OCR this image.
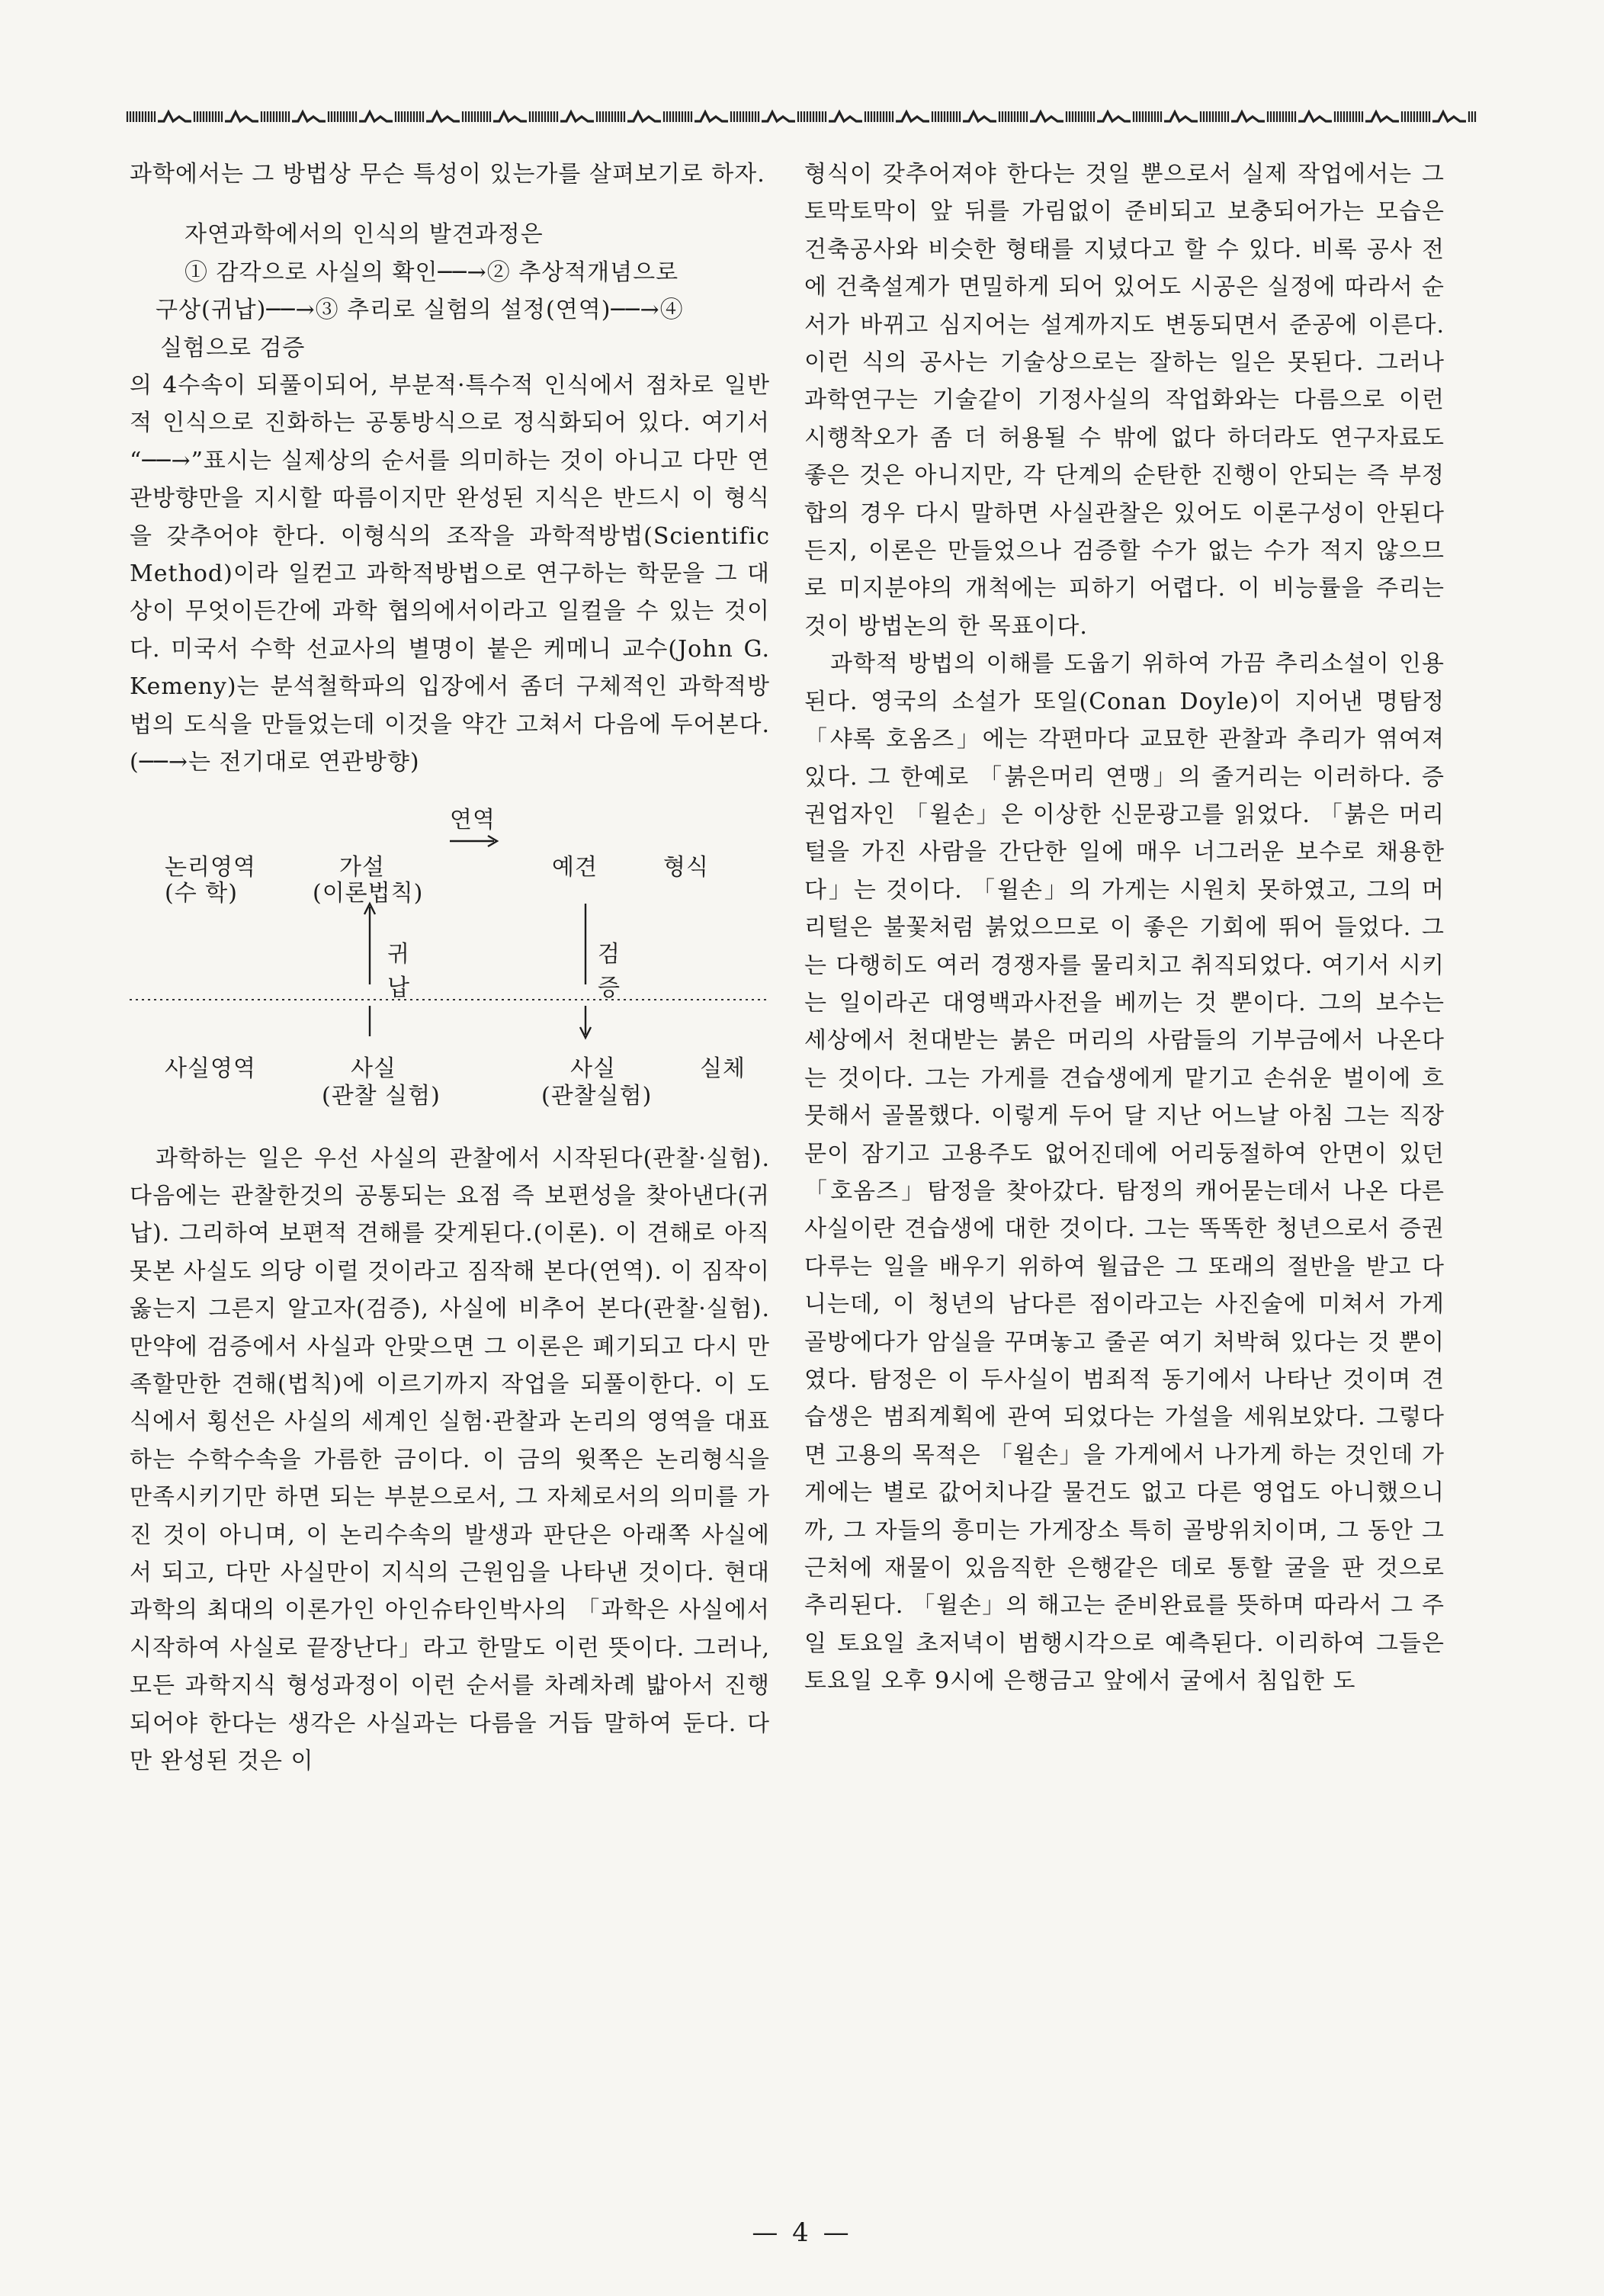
과학에서는 그 방법상 무슨 특성이 있는가를 살펴보기로 하자.

자연과학에서의 인식의 발견과정은
① 감각으로 사실의 확인──→② 추상적개념으로
구상(귀납)──→③ 추리로 실험의 설정(연역)──→④
실험으로 검증

의 4수속이 되풀이되어, 부분적·특수적 인식에서 점차로 일반적 인식으로 진화하는 공통방식으로 정식화되어 있다. 여기서 “──→”표시는 실제상의 순서를 의미하는 것이 아니고 다만 연관방향만을 지시할 따름이지만 완성된 지식은 반드시 이 형식을 갖추어야 한다. 이형식의 조작을 과학적방법(Scientific Method)이라 일컫고 과학적방법으로 연구하는 학문을 그 대상이 무엇이든간에 과학 협의에서이라고 일컬을 수 있는 것이다. 미국서 수학 선교사의 별명이 붙은 케메니 교수(John G. Kemeny)는 분석철학파의 입장에서 좀더 구체적인 과학적방법의 도식을 만들었는데 이것을 약간 고쳐서 다음에 두어본다.(──→는 전기대로 연관방향)

논리영역
(수 학)
가설
(이론법칙)
연역
예견	형식
귀
납
검
증
사실영역	사실
(관찰 실험)
사실
(관찰실험)
실체

과학하는 일은 우선 사실의 관찰에서 시작된다(관찰·실험). 다음에는 관찰한것의 공통되는 요점 즉 보편성을 찾아낸다(귀납). 그리하여 보편적 견해를 갖게된다.(이론). 이 견해로 아직 못본 사실도 의당 이럴 것이라고 짐작해 본다(연역). 이 짐작이 옳는지 그른지 알고자(검증), 사실에 비추어 본다(관찰·실험). 만약에 검증에서 사실과 안맞으면 그 이론은 폐기되고 다시 만족할만한 견해(법칙)에 이르기까지 작업을 되풀이한다. 이 도식에서 횡선은 사실의 세계인 실험·관찰과 논리의 영역을 대표하는 수학수속을 가름한 금이다. 이 금의 윗쪽은 논리형식을 만족시키기만 하면 되는 부분으로서, 그 자체로서의 의미를 가진 것이 아니며, 이 논리수속의 발생과 판단은 아래쪽 사실에서 되고, 다만 사실만이 지식의 근원임을 나타낸 것이다. 현대과학의 최대의 이론가인 아인슈타인박사의 「과학은 사실에서 시작하여 사실로 끝장난다」라고 한말도 이런 뜻이다. 그러나, 모든 과학지식 형성과정이 이런 순서를 차례차례 밟아서 진행되어야 한다는 생각은 사실과는 다름을 거듭 말하여 둔다. 다만 완성된 것은 이

형식이 갖추어져야 한다는 것일 뿐으로서 실제 작업에서는 그 토막토막이 앞 뒤를 가림없이 준비되고 보충되어가는 모습은 건축공사와 비슷한 형태를 지녔다고 할 수 있다. 비록 공사 전에 건축설계가 면밀하게 되어 있어도 시공은 실정에 따라서 순서가 바뀌고 심지어는 설계까지도 변동되면서 준공에 이른다. 이런 식의 공사는 기술상으로는 잘하는 일은 못된다. 그러나 과학연구는 기술같이 기정사실의 작업화와는 다름으로 이런 시행착오가 좀 더 허용될 수 밖에 없다 하더라도 연구자료도 좋은 것은 아니지만, 각 단계의 순탄한 진행이 안되는 즉 부정합의 경우 다시 말하면 사실관찰은 있어도 이론구성이 안된다든지, 이론은 만들었으나 검증할 수가 없는 수가 적지 않으므로 미지분야의 개척에는 피하기 어렵다. 이 비능률을 주리는 것이 방법논의 한 목표이다.

과학적 방법의 이해를 도웁기 위하여 가끔 추리소설이 인용된다. 영국의 소설가 또일(Conan Doyle)이 지어낸 명탐정 「샤록 호옴즈」에는 각편마다 교묘한 관찰과 추리가 엮여져 있다. 그 한예로 「붉은머리 연맹」의 줄거리는 이러하다. 증권업자인 「윌손」은 이상한 신문광고를 읽었다. 「붉은 머리털을 가진 사람을 간단한 일에 매우 너그러운 보수로 채용한다」는 것이다. 「윌손」의 가게는 시원치 못하였고, 그의 머리털은 불꽃처럼 붉었으므로 이 좋은 기회에 뛰어 들었다. 그는 다행히도 여러 경쟁자를 물리치고 취직되었다. 여기서 시키는 일이라곤 대영백과사전을 베끼는 것 뿐이다. 그의 보수는 세상에서 천대받는 붉은 머리의 사람들의 기부금에서 나온다는 것이다. 그는 가게를 견습생에게 맡기고 손쉬운 벌이에 흐뭇해서 골몰했다. 이렇게 두어 달 지난 어느날 아침 그는 직장문이 잠기고 고용주도 없어진데에 어리둥절하여 안면이 있던 「호옴즈」탐정을 찾아갔다. 탐정의 캐어묻는데서 나온 다른 사실이란 견습생에 대한 것이다. 그는 똑똑한 청년으로서 증권다루는 일을 배우기 위하여 월급은 그 또래의 절반을 받고 다니는데, 이 청년의 남다른 점이라고는 사진술에 미쳐서 가게 골방에다가 암실을 꾸며놓고 줄곧 여기 처박혀 있다는 것 뿐이였다. 탐정은 이 두사실이 범죄적 동기에서 나타난 것이며 견습생은 범죄계획에 관여 되었다는 가설을 세워보았다. 그렇다면 고용의 목적은 「윌손」을 가게에서 나가게 하는 것인데 가게에는 별로 값어치나갈 물건도 없고 다른 영업도 아니했으니까, 그 자들의 흥미는 가게장소 특히 골방위치이며, 그 동안 그 근처에 재물이 있음직한 은행같은 데로 통할 굴을 판 것으로 추리된다. 「윌손」의 해고는 준비완료를 뜻하며 따라서 그 주일 토요일 초저녁이 범행시각으로 예측된다. 이리하여 그들은 토요일 오후 9시에 은행금고 앞에서 굴에서 침입한 도

— 4 —
